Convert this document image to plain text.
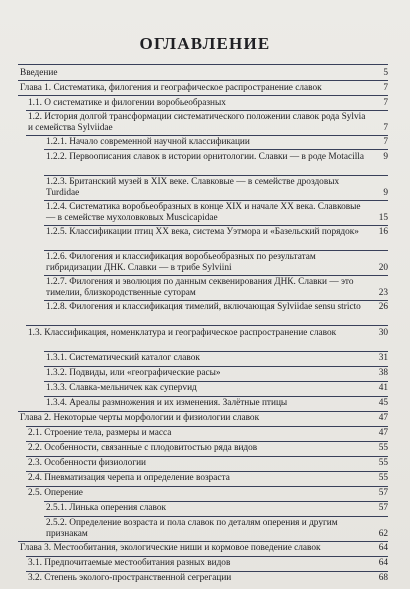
ОГЛАВЛЕНИЕ
Введение	5
Глава 1. Систематика, филогения и географическое распространение славок	7
1.1. О систематике и филогении воробьеобразных	7
1.2. История долгой трансформации систематического положении славок рода Sylvia и семейства Sylviidae	7
1.2.1. Начало современной научной классификации	7
1.2.2. Первоописания славок в истории орнитологии. Славки — в роде Motacilla	9
1.2.3. Британский музей в XIX веке. Славковые — в семействе дроздовых Turdidae	9
1.2.4. Систематика воробьеобразных в конце XIX и начале XX века. Славковые — в семействе мухоловковых Muscicapidae	15
1.2.5. Классификации птиц XX века, система Уэтмора и «Базельский порядок»	16
1.2.6. Филогения и классификация воробьеобразных по результатам гибридизации ДНК. Славки — в трибе Sylviini	20
1.2.7. Филогения и эволюция по данным секвенирования ДНК. Славки — это тимелии, близкородственные суторам	23
1.2.8. Филогения и классификация тимелий, включающая Sylviidae sensu stricto	26
1.3. Классификация, номенклатура и географическое распространение славок	30
1.3.1. Систематический каталог славок	31
1.3.2. Подвиды, или «географические расы»	38
1.3.3. Славка-мельничек как суперvид	41
1.3.4. Ареалы размножения и их изменения. Залётные птицы	45
Глава 2. Некоторые черты морфологии и физиологии славок	47
2.1. Строение тела, размеры и масса	47
2.2. Особенности, связанные с плодовитостью ряда видов	55
2.3. Особенности физиологии	55
2.4. Пневматизация черепа и определение возраста	55
2.5. Оперение	57
2.5.1. Линька оперения славок	57
2.5.2. Определение возраста и пола славок по деталям оперения и другим признакам	62
Глава 3. Местообитания, экологические ниши и кормовое поведение славок	64
3.1. Предпочитаемые местообитания разных видов	64
3.2. Степень эколого-пространственной сегрегации	68
